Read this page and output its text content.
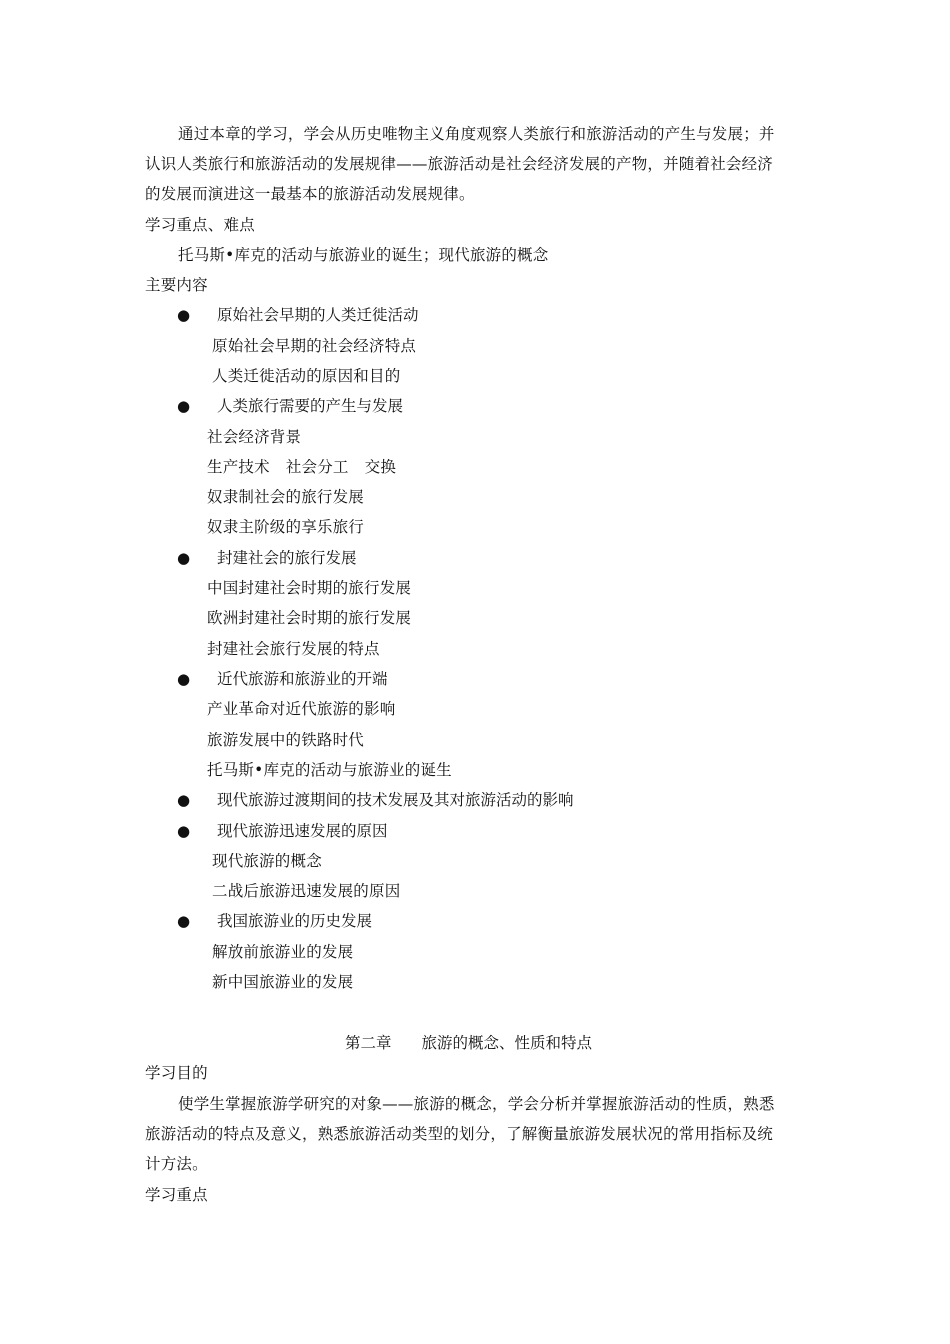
通过本章的学习，学会从历史唯物主义角度观察人类旅行和旅游活动的产生与发展；并
认识人类旅行和旅游活动的发展规律——旅游活动是社会经济发展的产物，并随着社会经济
的发展而演进这一最基本的旅游活动发展规律。
学习重点、难点
托马斯•库克的活动与旅游业的诞生；现代旅游的概念
主要内容
● 原始社会早期的人类迁徙活动
原始社会早期的社会经济特点
人类迁徙活动的原因和目的
● 人类旅行需要的产生与发展
社会经济背景
生产技术 社会分工 交换
奴隶制社会的旅行发展
奴隶主阶级的享乐旅行
● 封建社会的旅行发展
中国封建社会时期的旅行发展
欧洲封建社会时期的旅行发展
封建社会旅行发展的特点
● 近代旅游和旅游业的开端
产业革命对近代旅游的影响
旅游发展中的铁路时代
托马斯•库克的活动与旅游业的诞生
● 现代旅游过渡期间的技术发展及其对旅游活动的影响
● 现代旅游迅速发展的原因
现代旅游的概念
二战后旅游迅速发展的原因
● 我国旅游业的历史发展
解放前旅游业的发展
新中国旅游业的发展
第二章 旅游的概念、性质和特点
学习目的
使学生掌握旅游学研究的对象——旅游的概念，学会分析并掌握旅游活动的性质，熟悉
旅游活动的特点及意义，熟悉旅游活动类型的划分，了解衡量旅游发展状况的常用指标及统
计方法。
学习重点
